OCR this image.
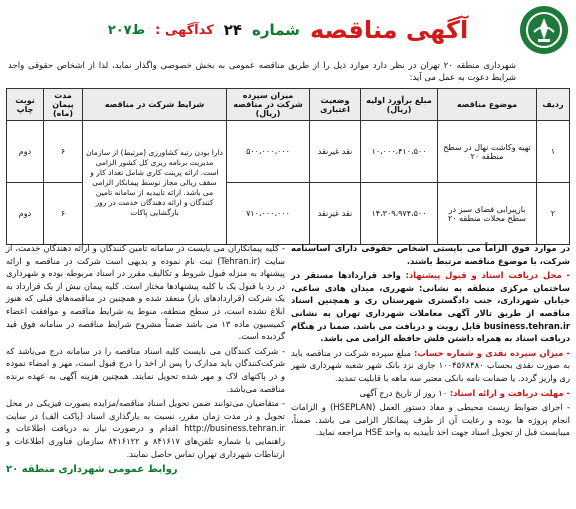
آگهی مناقصه
شماره
۲۴
کدآگهی :
ط۲۰۷
شهرداری منطقه ۲۰ تهران در نظر دارد موارد ذیل را از طریق مناقصه عمومی به بخش خصوصی واگذار نماید، لذا از اشخاص حقوقی واجد شرایط دعوت به عمل می آید:
ردیف	موضوع مناقصه	مبلغ برآورد اولیه (ریال)	وضعیت اعتباری	میزان سپرده شرکت در مناقصه (ریال)	شرایط شرکت در مناقصه	مدت پیمان (ماه)	نوبت چاپ
۱	تهیه وکاشت نهال در سطح منطقه ۲۰	۱۰،۰۰۰،۴۱۰،۵۰۰	نقد غیرنقد	۵۰۰،۰۰۰،۰۰۰	دارا بودن رتبه کشاورزی (مرتبط) از سازمان مدیریت برنامه ریزی کل کشور الزامی است. ارائه پرینت کاری شامل تعداد کار و سقف ریالی مجاز توسط پیمانکار الزامی می باشد. ارائه تاییدیه از سامانه تامین کنندگان و ارائه دهندگان خدمت در روز بازگشایی پاکات	۶	دوم
۲	بازپیرایی فضای سبز در سطح محلات منطقه ۲۰	۱۴،۳۰۹،۹۷۴،۵۰۰	نقد غیرنقد	۷۱۰،۰۰۰،۰۰۰		۶	دوم

در موارد فوق الزاماً می بایستی اشخاص حقوقی دارای اساسنامه شرکت، با موضوع مناقصه مرتبط باشند.

- محل دریافت اسناد و قبول پیشنهاد: واحد قراردادها مستقر در ساختمان مرکزی منطقه به نشانی: شهرری، میدان هادی ساعی، خیابان شهرداری، جنب دادگستری شهرستان ری و همچنین اسناد مناقصه از طریق تالار آگهی معاملات شهرداری تهران به نشانی business.tehran.ir قابل رویت و دریافت می باشد. ضمنا در هنگام دریافت اسناد به همراه داشتن فلش حافظه الزامی می باشد.

- میزان سپرده نقدی و شماره حساب: مبلغ سپرده شرکت در مناقصه باید به صورت نقدی بحساب ۱۰۰۴۵۶۸۴۸۰ جاری نزد بانک شهر شعبه شهرداری شهر ری واریز گردد. یا ضمانت نامه بانکی معتبر سه ماهه با قابلیت تمدید.

- مهلت دریافت و ارائه اسناد: ۱۰ روز از تاریخ درج آگهی

- اجرای ضوابط زیست محیطی و مفاد دستور العمل (HSEPLAN) و الزامات انجام پروژه ها بوده و رعایت آن از طرف پیمانکار الزامی می باشد. ضمناً، میبایست قبل از تحویل اسناد جهت اخذ تأییدیه به واحد HSE مراجعه نماید.

- کلیه پیمانکاران می بایست در سامانه تامین کنندگان و ارائه دهندگان خدمت، از سایت (Tehran.ir) ثبت نام نموده و بدیهی است شرکت در مناقصه و ارائه پیشنهاد به منزله قبول شروط و تکالیف مقرر در اسناد مربوطه بوده و شهرداری در رد یا قبول یک یا کلیه پیشنهادها مختار است. کلیه پیمان بیش از یک قرارداد به یک شرکت (قراردادهای باز) منعقد شده و همچنین در مناقصه‌های قبلی که هنوز ابلاغ نشده است، در سطح منطقه، منوط به شرایط مناقصه و موافقت اعضاء کمیسیون ماده ۱۳ می باشد ضمناً مشروح شرایط مناقصه در سامانه فوق قید گردیده است.

- شرکت کنندگان می بایست کلیه اسناد مناقصه را در سامانه درج می‌باشد که شرکت‌کنندگان باید مدارک را پس از اخذ را درج قبول است، مهر و امضاء نموده و در پاکتهای لاک و مهر شده تحویل نمایند. همچنین هزینه آگهی به عهده برنده مناقصه می‌باشد.

- متقاضیان می‌توانند ضمن تحویل اسناد مناقصه/مزایده بصورت فیزیکی در محل تحویل و در مدت زمان مقرر، نسبت به بارگذاری اسناد (پاکت الف) در سایت http://business.tehran.ir اقدام و درصورت نیاز به دریافت اطلاعات و راهنمایی با شماره تلفن‌های ۸۴۱۶۱۷ و ۸۴۱۶۱۲۲ سازمان فناوری اطلاعات و ارتباطات شهرداری تهران تماس حاصل نمایند.

روابط عمومی شهرداری منطقه ۲۰
